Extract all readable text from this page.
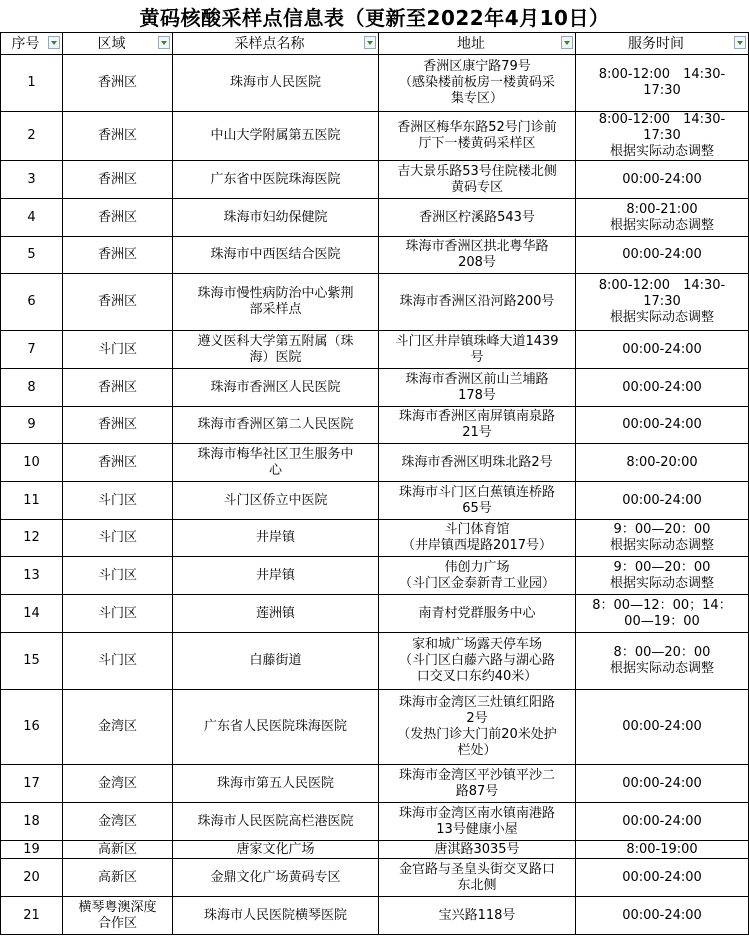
黄码核酸采样点信息表（更新至2022年4月10日）
序号	区域	采样点名称	地址	服务时间

1	香洲区	珠海市人民医院	香洲区康宁路79号
（感染楼前板房一楼黄码采
集专区）	8:00-12:00　14:30-
17:30
2	香洲区	中山大学附属第五医院	香洲区梅华东路52号门诊前
厅下一楼黄码采样区	8:00-12:00　14:30-
17:30
根据实际动态调整
3	香洲区	广东省中医院珠海医院	吉大景乐路53号住院楼北侧
黄码专区	00:00-24:00
4	香洲区	珠海市妇幼保健院	香洲区柠溪路543号	8:00-21:00
根据实际动态调整
5	香洲区	珠海市中西医结合医院	珠海市香洲区拱北粤华路
208号	00:00-24:00
6	香洲区	珠海市慢性病防治中心紫荆
部采样点	珠海市香洲区沿河路200号	8:00-12:00　14:30-
17:30
根据实际动态调整
7	斗门区	遵义医科大学第五附属（珠
海）医院	斗门区井岸镇珠峰大道1439
号	00:00-24:00
8	香洲区	珠海市香洲区人民医院	珠海市香洲区前山兰埔路
178号	00:00-24:00
9	香洲区	珠海市香洲区第二人民医院	珠海市香洲区南屏镇南泉路
21号	00:00-24:00
10	香洲区	珠海市梅华社区卫生服务中
心	珠海市香洲区明珠北路2号	8:00-20:00
11	斗门区	斗门区侨立中医院	珠海市斗门区白蕉镇连桥路
65号	00:00-24:00
12	斗门区	井岸镇	斗门体育馆
（井岸镇西堤路2017号）	9：00—20：00
根据实际动态调整
13	斗门区	井岸镇	伟创力广场
（斗门区金泰新青工业园）	9：00—20：00
根据实际动态调整
14	斗门区	莲洲镇	南青村党群服务中心	8：00—12：00；14：
00—19：00
15	斗门区	白藤街道	家和城广场露天停车场
（斗门区白藤六路与湖心路
口交叉口东约40米）	8：00—20：00
根据实际动态调整
16	金湾区	广东省人民医院珠海医院	珠海市金湾区三灶镇红阳路
2号
（发热门诊大门前20米处护
栏处）	00:00-24:00
17	金湾区	珠海市第五人民医院	珠海市金湾区平沙镇平沙二
路87号	00:00-24:00
18	金湾区	珠海市人民医院高栏港医院	珠海市金湾区南水镇南港路
13号健康小屋	00:00-24:00
19	高新区	唐家文化广场	唐淇路3035号	8:00-19:00
20	高新区	金鼎文化广场黄码专区	金官路与圣皇头街交叉路口
东北侧	00:00-24:00
21	横琴粤澳深度
合作区	珠海市人民医院横琴医院	宝兴路118号	00:00-24:00
